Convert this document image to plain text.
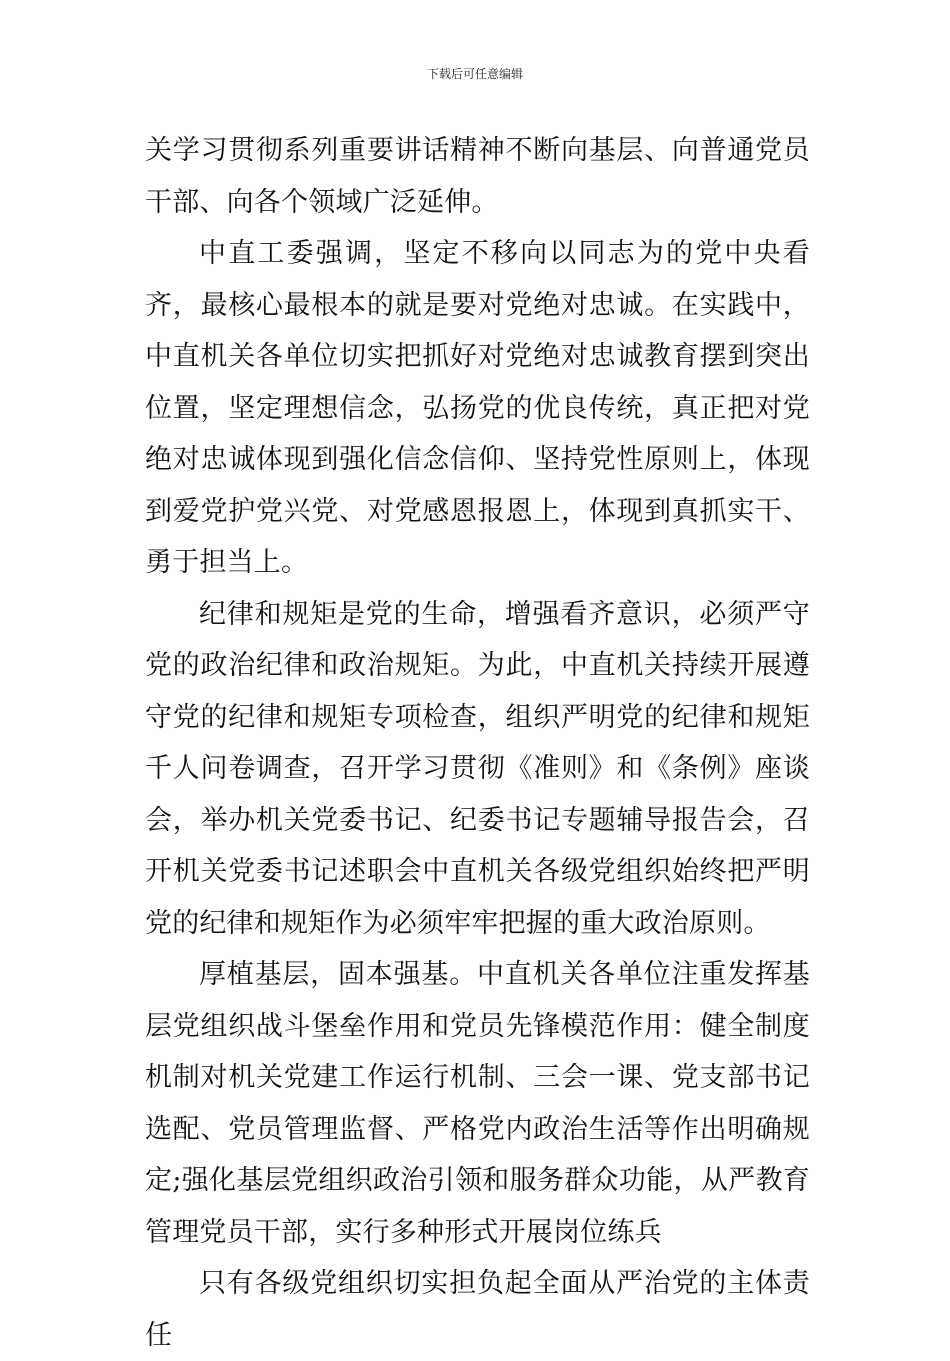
下载后可任意编辑

关学习贯彻系列重要讲话精神不断向基层、向普通党员干部、向各个领域广泛延伸。

中直工委强调，坚定不移向以同志为的党中央看齐，最核心最根本的就是要对党绝对忠诚。在实践中，中直机关各单位切实把抓好对党绝对忠诚教育摆到突出位置，坚定理想信念，弘扬党的优良传统，真正把对党绝对忠诚体现到强化信念信仰、坚持党性原则上，体现到爱党护党兴党、对党感恩报恩上，体现到真抓实干、勇于担当上。

纪律和规矩是党的生命，增强看齐意识，必须严守党的政治纪律和政治规矩。为此，中直机关持续开展遵守党的纪律和规矩专项检查，组织严明党的纪律和规矩千人问卷调查，召开学习贯彻《准则》和《条例》座谈会，举办机关党委书记、纪委书记专题辅导报告会，召开机关党委书记述职会中直机关各级党组织始终把严明党的纪律和规矩作为必须牢牢把握的重大政治原则。

厚植基层，固本强基。中直机关各单位注重发挥基层党组织战斗堡垒作用和党员先锋模范作用：健全制度机制对机关党建工作运行机制、三会一课、党支部书记选配、党员管理监督、严格党内政治生活等作出明确规定;强化基层党组织政治引领和服务群众功能，从严教育管理党员干部，实行多种形式开展岗位练兵

只有各级党组织切实担负起全面从严治党的主体责任
